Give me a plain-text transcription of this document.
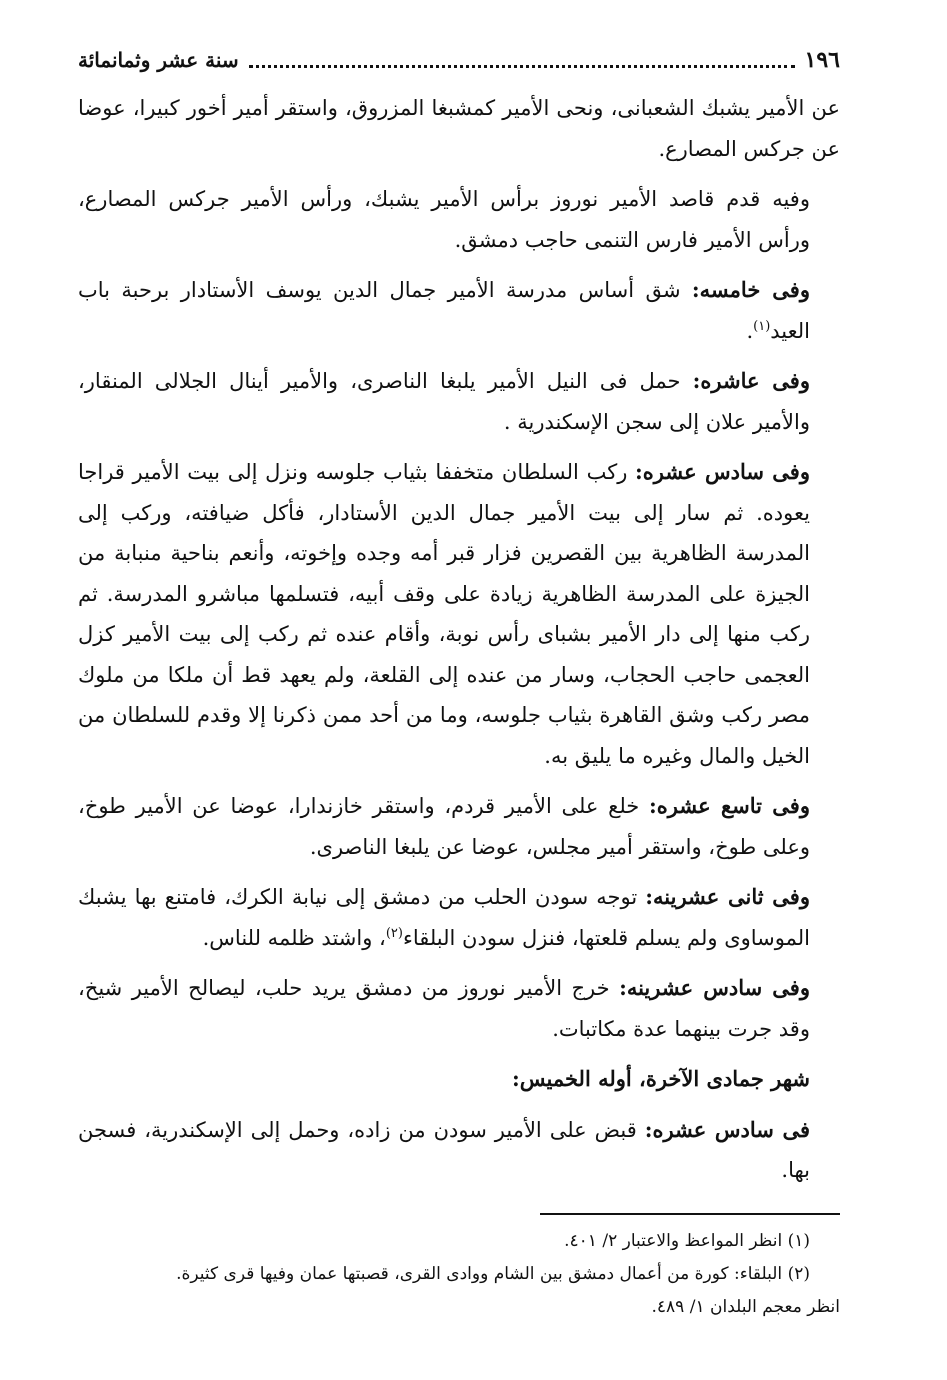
١٩٦
سنة عشر وثمانمائة

عن الأمير يشبك الشعبانى، ونحى الأمير كمشبغا المزروق، واستقر أمير أخور كبيرا، عوضا عن جركس المصارع.

وفيه قدم قاصد الأمير نوروز برأس الأمير يشبك، ورأس الأمير جركس المصارع، ورأس الأمير فارس التنمى حاجب دمشق.

وفى خامسه: شق أساس مدرسة الأمير جمال الدين يوسف الأستادار برحبة باب العيد$^{(١)}$.

وفى عاشره: حمل فى النيل الأمير يلبغا الناصرى، والأمير أينال الجلالى المنقار، والأمير علان إلى سجن الإسكندرية .

وفى سادس عشره: ركب السلطان متخففا بثياب جلوسه ونزل إلى بيت الأمير قراجا يعوده. ثم سار إلى بيت الأمير جمال الدين الأستادار، فأكل ضيافته، وركب إلى المدرسة الظاهرية بين القصرين فزار قبر أمه وجده وإخوته، وأنعم بناحية منبابة من الجيزة على المدرسة الظاهرية زيادة على وقف أبيه، فتسلمها مباشرو المدرسة. ثم ركب منها إلى دار الأمير بشباى رأس نوبة، وأقام عنده ثم ركب إلى بيت الأمير كزل العجمى حاجب الحجاب، وسار من عنده إلى القلعة، ولم يعهد قط أن ملكا من ملوك مصر ركب وشق القاهرة بثياب جلوسه، وما من أحد ممن ذكرنا إلا وقدم للسلطان من الخيل والمال وغيره ما يليق به.

وفى تاسع عشره: خلع على الأمير قردم، واستقر خازندارا، عوضا عن الأمير طوخ، وعلى طوخ، واستقر أمير مجلس، عوضا عن يلبغا الناصرى.

وفى ثانى عشرينه: توجه سودن الحلب من دمشق إلى نيابة الكرك، فامتنع بها يشبك الموساوى ولم يسلم قلعتها، فنزل سودن البلقاء$^{(٢)}$، واشتد ظلمه للناس.

وفى سادس عشرينه: خرج الأمير نوروز من دمشق يريد حلب، ليصالح الأمير شيخ، وقد جرت بينهما عدة مكاتبات.

شهر جمادى الآخرة، أوله الخميس:

فى سادس عشره: قبض على الأمير سودن من زاده، وحمل إلى الإسكندرية، فسجن بها.

(١) انظر المواعظ والاعتبار ٢/ ٤٠١.

(٢) البلقاء: كورة من أعمال دمشق بين الشام ووادى القرى، قصبتها عمان وفيها قرى كثيرة.

انظر معجم البلدان ١/ ٤٨٩.
